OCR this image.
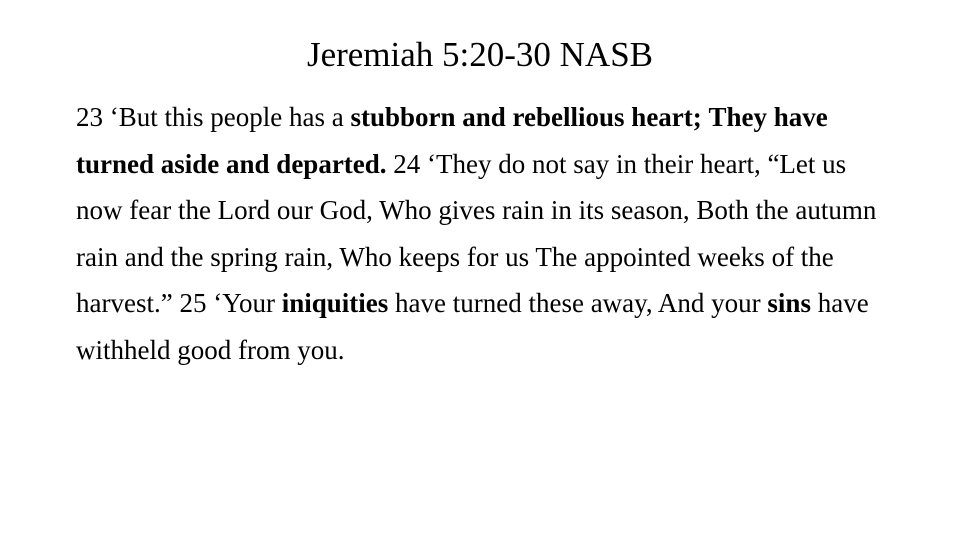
Jeremiah 5:20-30 NASB

23 ‘But this people has a stubborn and rebellious heart; They have turned aside and departed. 24 ‘They do not say in their heart, “Let us now fear the Lord our God, Who gives rain in its season, Both the autumn rain and the spring rain, Who keeps for us The appointed weeks of the harvest.” 25 ‘Your iniquities have turned these away, And your sins have withheld good from you.
